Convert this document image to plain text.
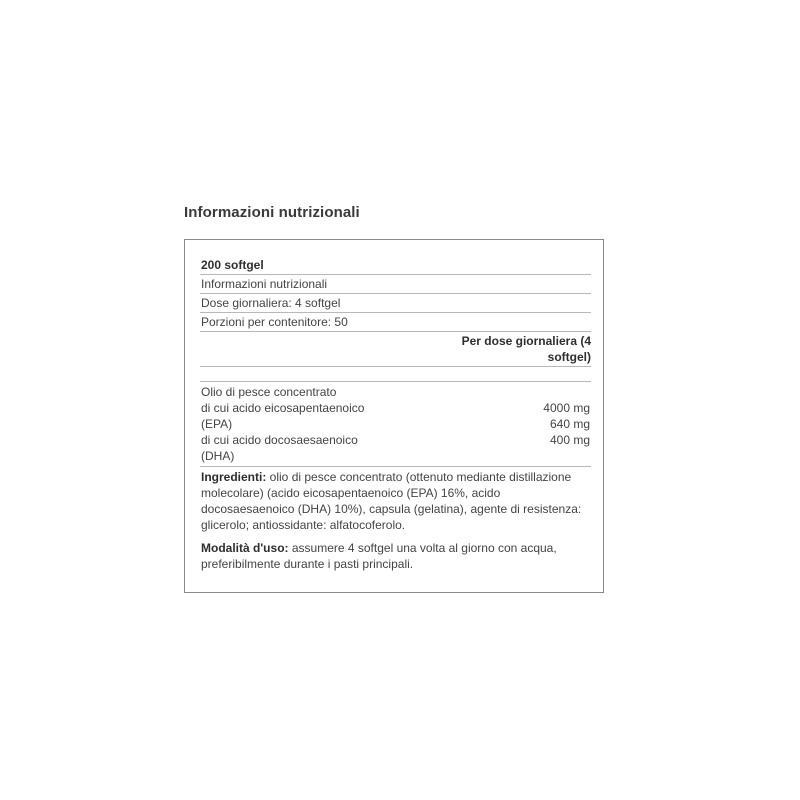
Informazioni nutrizionali
200 softgel
Informazioni nutrizionali
Dose giornaliera: 4 softgel
Porzioni per contenitore: 50
Per dose giornaliera (4 softgel)
Olio di pesce concentrato
di cui acido eicosapentaenoico
(EPA)
di cui acido docosaesaenoico
(DHA)
4000 mg
640 mg
400 mg
Ingredienti: olio di pesce concentrato (ottenuto mediante distillazione molecolare) (acido eicosapentaenoico (EPA) 16%, acido docosaesaenoico (DHA) 10%), capsula (gelatina), agente di resistenza: glicerolo; antiossidante: alfatocoferolo.
Modalità d'uso: assumere 4 softgel una volta al giorno con acqua, preferibilmente durante i pasti principali.
